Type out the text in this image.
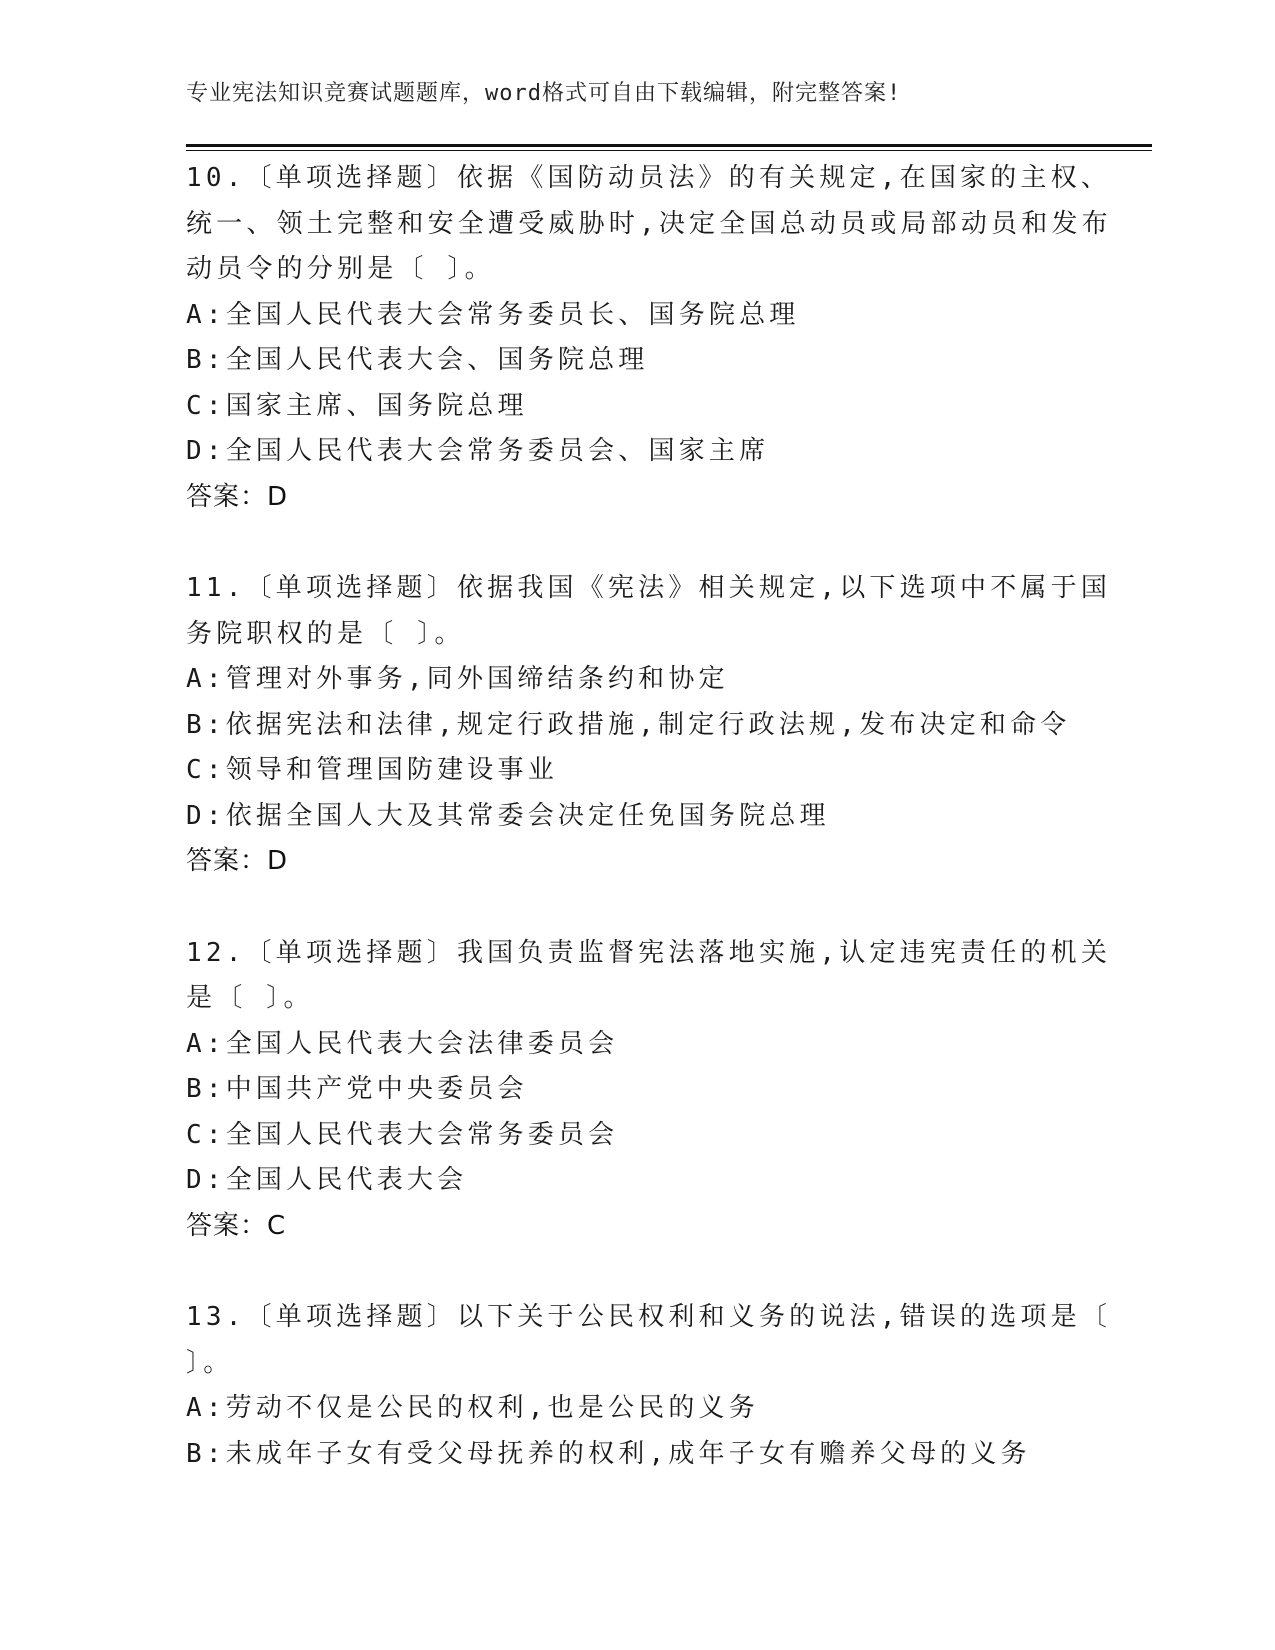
专业宪法知识竞赛试题题库，word格式可自由下载编辑，附完整答案!
10.〔单项选择题〕依据《国防动员法》的有关规定,在国家的主权、
统一、领土完整和安全遭受威胁时,决定全国总动员或局部动员和发布
动员令的分别是〔 〕。
A:全国人民代表大会常务委员长、国务院总理
B:全国人民代表大会、国务院总理
C:国家主席、国务院总理
D:全国人民代表大会常务委员会、国家主席
答案：D
11.〔单项选择题〕依据我国《宪法》相关规定,以下选项中不属于国
务院职权的是〔 〕。
A:管理对外事务,同外国缔结条约和协定
B:依据宪法和法律,规定行政措施,制定行政法规,发布决定和命令
C:领导和管理国防建设事业
D:依据全国人大及其常委会决定任免国务院总理
答案：D
12.〔单项选择题〕我国负责监督宪法落地实施,认定违宪责任的机关
是〔 〕。
A:全国人民代表大会法律委员会
B:中国共产党中央委员会
C:全国人民代表大会常务委员会
D:全国人民代表大会
答案：C
13.〔单项选择题〕以下关于公民权利和义务的说法,错误的选项是〔
〕。
A:劳动不仅是公民的权利,也是公民的义务
B:未成年子女有受父母抚养的权利,成年子女有赡养父母的义务
